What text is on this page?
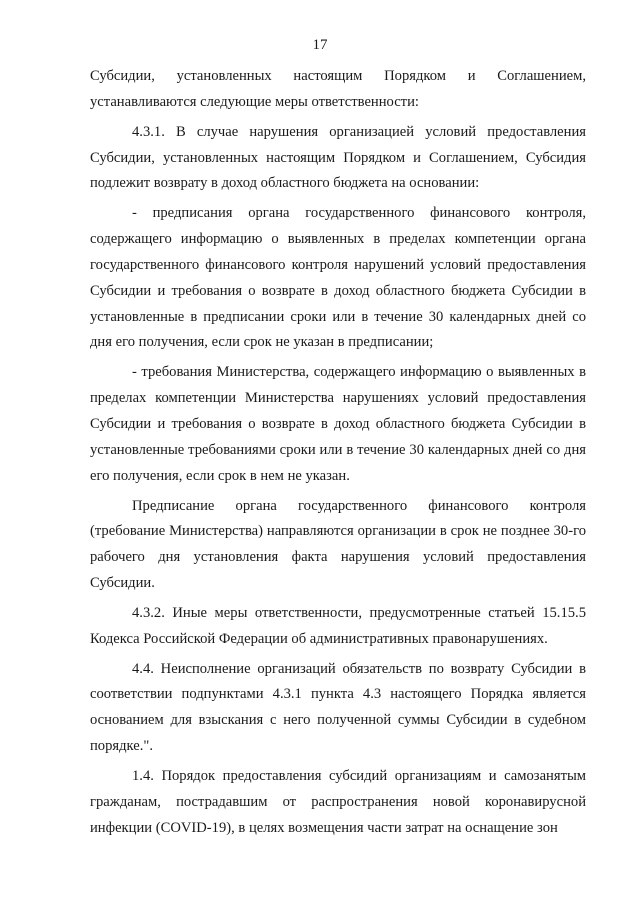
17

Субсидии, установленных настоящим Порядком и Соглашением,
устанавливаются следующие меры ответственности:

4.3.1. В случае нарушения организацией условий предоставления Субсидии, установленных настоящим Порядком и Соглашением, Субсидия подлежит возврату в доход областного бюджета на основании:

- предписания органа государственного финансового контроля, содержащего информацию о выявленных в пределах компетенции органа государственного финансового контроля нарушений условий предоставления Субсидии и требования о возврате в доход областного бюджета Субсидии в установленные в предписании сроки или в течение 30 календарных дней со дня его получения, если срок не указан в предписании;

- требования Министерства, содержащего информацию о выявленных в пределах компетенции Министерства нарушениях условий предоставления Субсидии и требования о возврате в доход областного бюджета Субсидии в установленные требованиями сроки или в течение 30 календарных дней со дня его получения, если срок в нем не указан.

Предписание органа государственного финансового контроля (требование Министерства) направляются организации в срок не позднее 30-го рабочего дня установления факта нарушения условий предоставления Субсидии.

4.3.2. Иные меры ответственности, предусмотренные статьей 15.15.5 Кодекса Российской Федерации об административных правонарушениях.

4.4. Неисполнение организаций обязательств по возврату Субсидии в соответствии подпунктами 4.3.1 пункта 4.3 настоящего Порядка является основанием для взыскания с него полученной суммы Субсидии в судебном порядке.".

1.4. Порядок предоставления субсидий организациям и самозанятым гражданам, пострадавшим от распространения новой коронавирусной инфекции (COVID-19), в целях возмещения части затрат на оснащение зон
